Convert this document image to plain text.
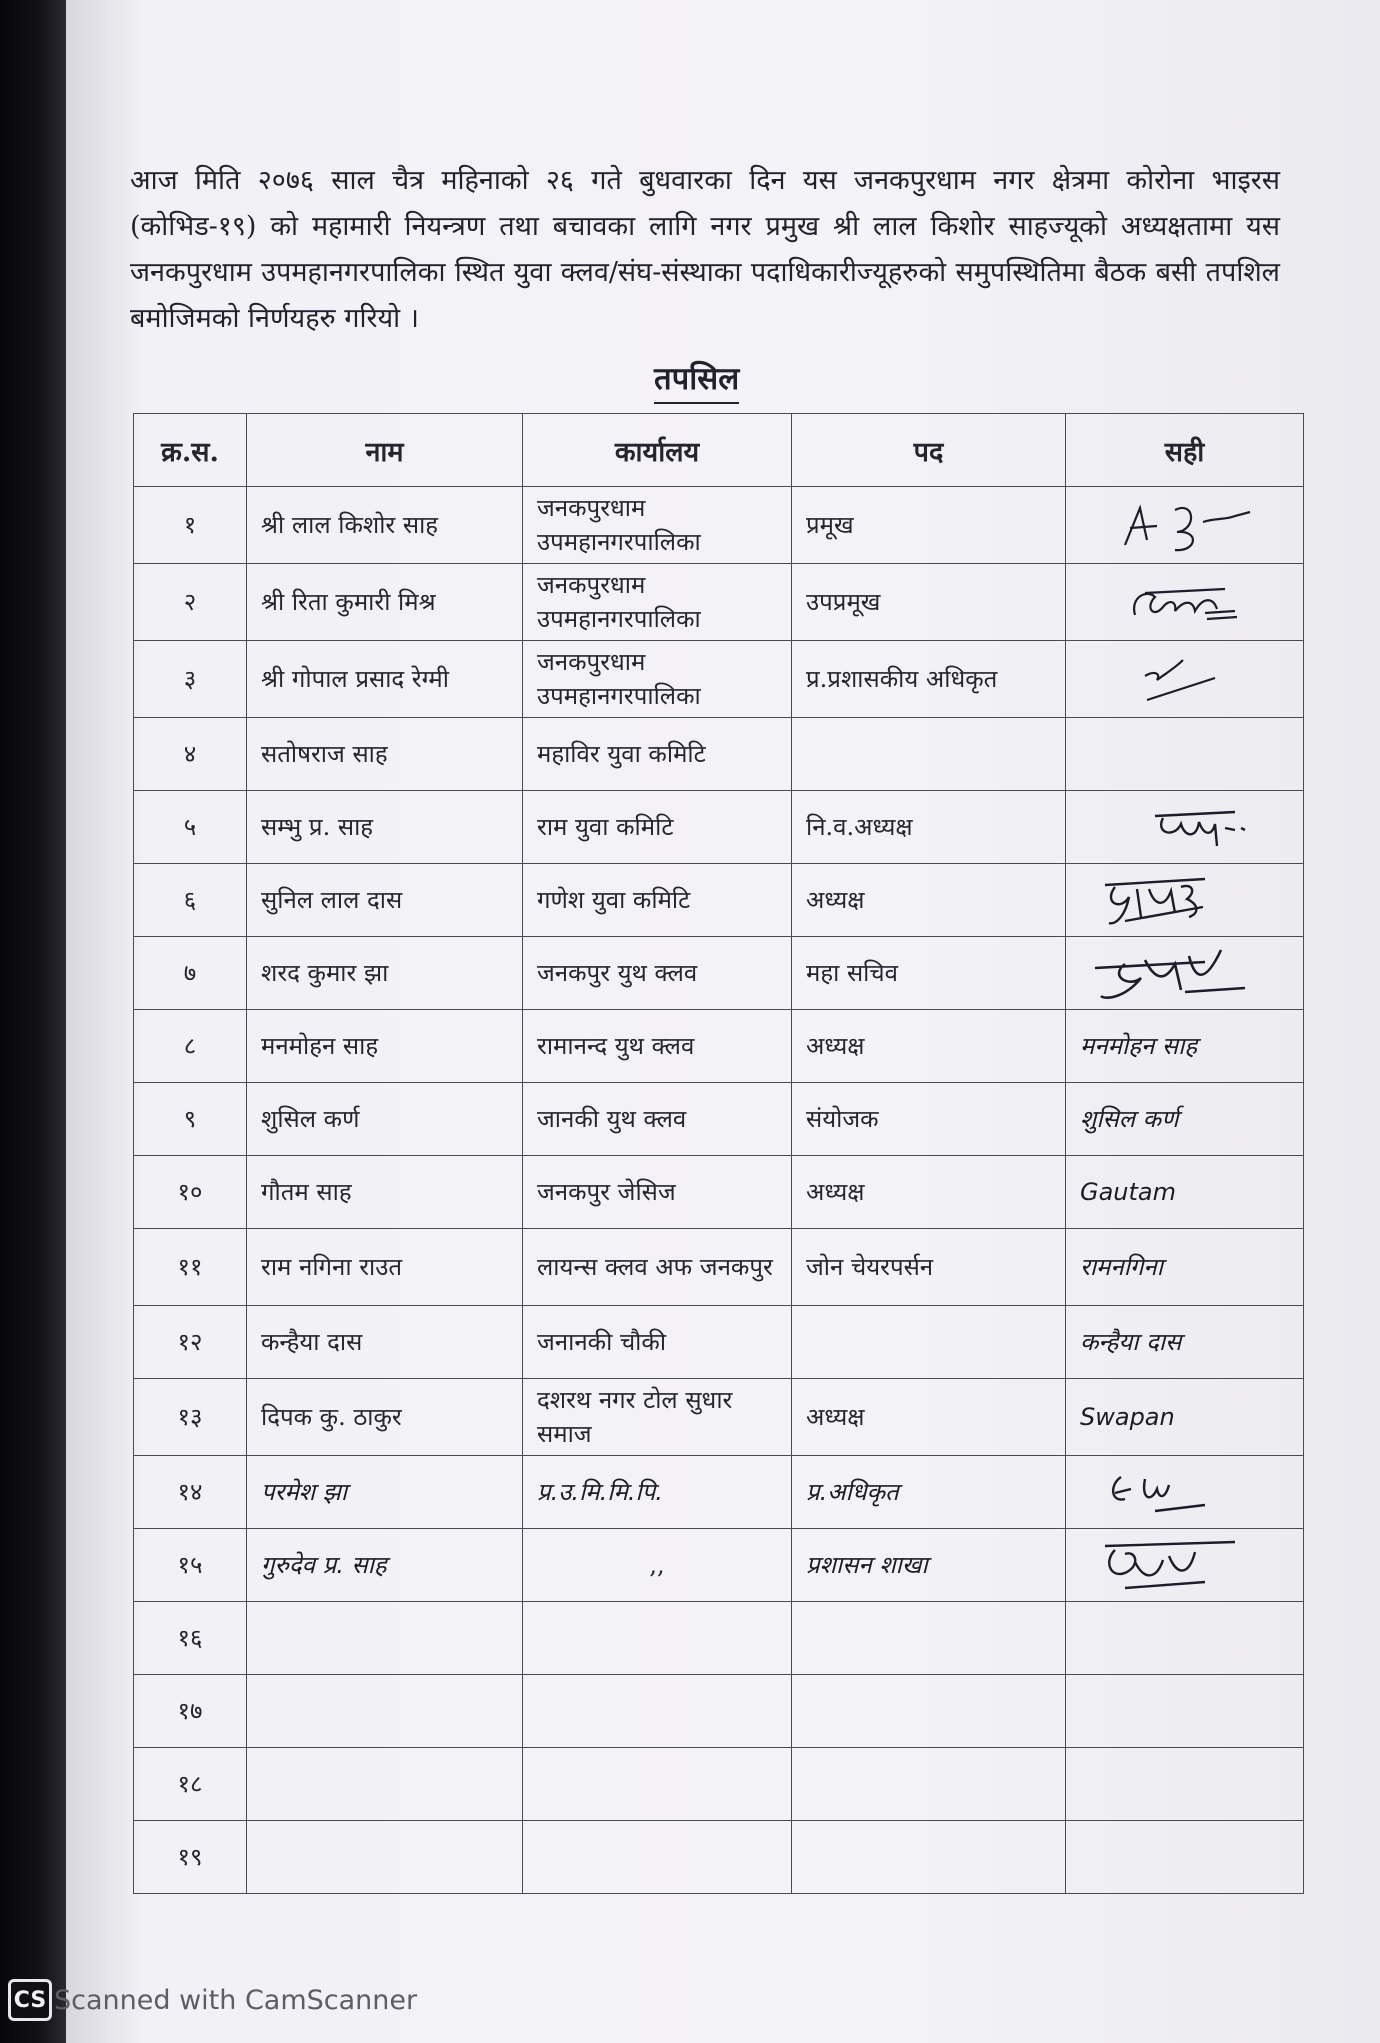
आज मिति २०७६ साल चैत्र महिनाको २६ गते बुधवारका दिन यस जनकपुरधाम नगर क्षेत्रमा कोरोना भाइरस (कोभिड-१९) को महामारी नियन्त्रण तथा बचावका लागि नगर प्रमुख श्री लाल किशोर साहज्यूको अध्यक्षतामा यस जनकपुरधाम उपमहानगरपालिका स्थित युवा क्लव/संघ-संस्थाका पदाधिकारीज्यूहरुको समुपस्थितिमा बैठक बसी तपशिल बमोजिमको निर्णयहरु गरियो ।

तपसिल
क्र.स.	नाम	कार्यालय	पद	सही
१	श्री लाल किशोर साह	जनकपुरधाम उपमहानगरपालिका	प्रमूख	

२	श्री रिता कुमारी मिश्र	जनकपुरधाम उपमहानगरपालिका	उपप्रमूख	

३	श्री गोपाल प्रसाद रेग्मी	जनकपुरधाम उपमहानगरपालिका	प्र.प्रशासकीय अधिकृत	

४	सतोषराज साह	महाविर युवा कमिटि		
५	सम्भु प्र. साह	राम युवा कमिटि	नि.व.अध्यक्ष	

६	सुनिल लाल दास	गणेश युवा कमिटि	अध्यक्ष	

७	शरद कुमार झा	जनकपुर युथ क्लव	महा सचिव	

८	मनमोहन साह	रामानन्द युथ क्लव	अध्यक्ष	मनमोहन साह
९	शुसिल कर्ण	जानकी युथ क्लव	संयोजक	शुसिल कर्ण
१०	गौतम साह	जनकपुर जेसिज	अध्यक्ष	Gautam
११	राम नगिना राउत	लायन्स क्लव अफ जनकपुर	जोन चेयरपर्सन	रामनगिना
१२	कन्हैया दास	जनानकी चौकी		कन्हैया दास
१३	दिपक कु. ठाकुर	दशरथ नगर टोल सुधार समाज	अध्यक्ष	Swapan
१४	परमेश झा	प्र.उ.मि.मि.पि.	प्र.अधिकृत	

१५	गुरुदेव प्र. साह	,,	प्रशासन शाखा	

१६				
१७				
१८				
१९				
CS Scanned with CamScanner
